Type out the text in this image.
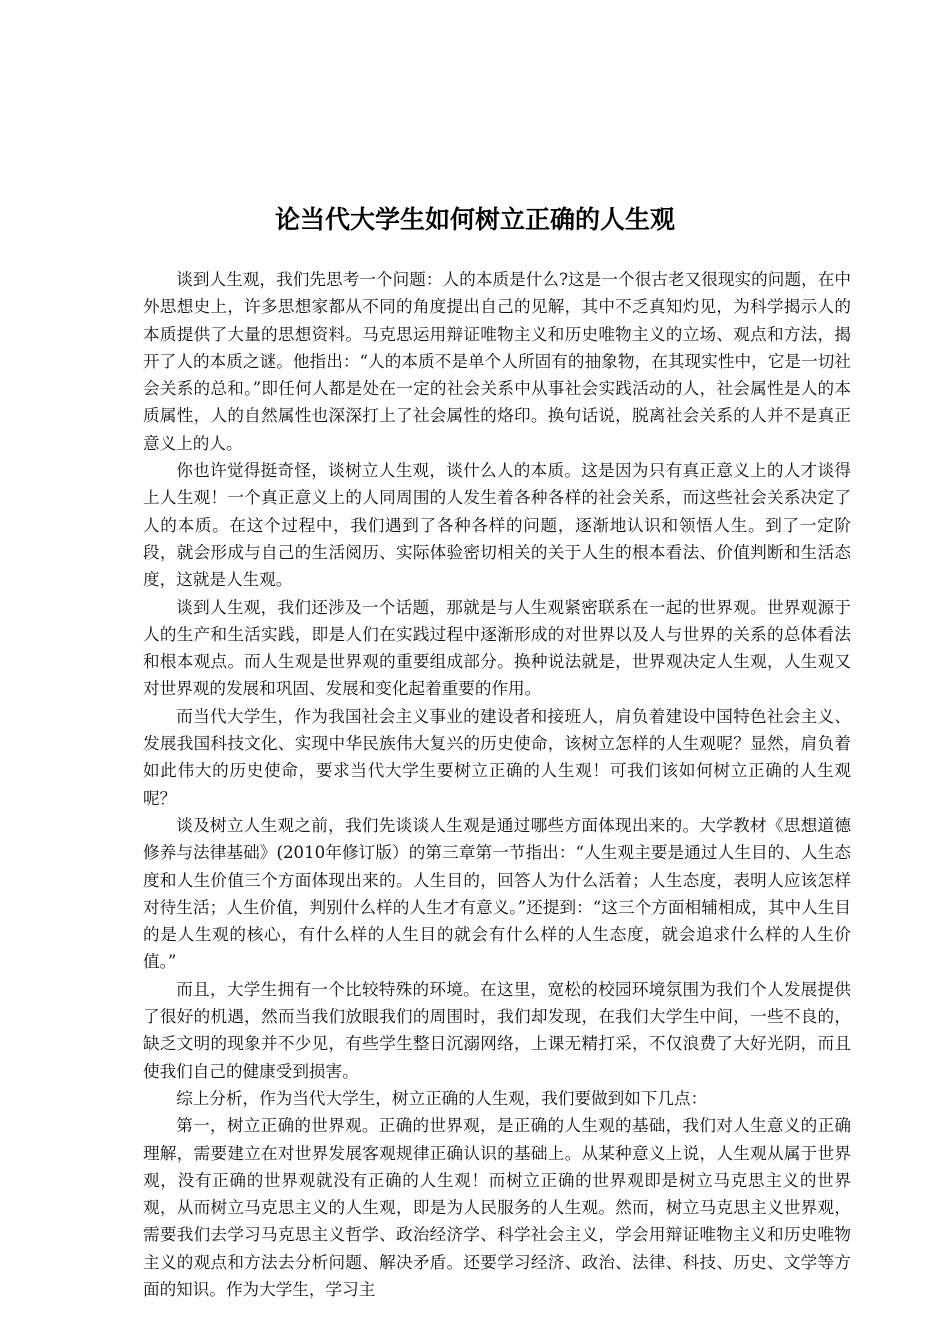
论当代大学生如何树立正确的人生观

谈到人生观，我们先思考一个问题：人的本质是什么?这是一个很古老又很现实的问题，在中外思想史上，许多思想家都从不同的角度提出自己的见解，其中不乏真知灼见，为科学揭示人的本质提供了大量的思想资料。马克思运用辩证唯物主义和历史唯物主义的立场、观点和方法，揭开了人的本质之谜。他指出：“人的本质不是单个人所固有的抽象物，在其现实性中，它是一切社会关系的总和。”即任何人都是处在一定的社会关系中从事社会实践活动的人，社会属性是人的本质属性，人的自然属性也深深打上了社会属性的烙印。换句话说，脱离社会关系的人并不是真正意义上的人。

你也许觉得挺奇怪，谈树立人生观，谈什么人的本质。这是因为只有真正意义上的人才谈得上人生观！一个真正意义上的人同周围的人发生着各种各样的社会关系，而这些社会关系决定了人的本质。在这个过程中，我们遇到了各种各样的问题，逐渐地认识和领悟人生。到了一定阶段，就会形成与自己的生活阅历、实际体验密切相关的关于人生的根本看法、价值判断和生活态度，这就是人生观。

谈到人生观，我们还涉及一个话题，那就是与人生观紧密联系在一起的世界观。世界观源于人的生产和生活实践，即是人们在实践过程中逐渐形成的对世界以及人与世界的关系的总体看法和根本观点。而人生观是世界观的重要组成部分。换种说法就是，世界观决定人生观，人生观又对世界观的发展和巩固、发展和变化起着重要的作用。

而当代大学生，作为我国社会主义事业的建设者和接班人，肩负着建设中国特色社会主义、发展我国科技文化、实现中华民族伟大复兴的历史使命，该树立怎样的人生观呢？显然，肩负着如此伟大的历史使命，要求当代大学生要树立正确的人生观！可我们该如何树立正确的人生观呢？

谈及树立人生观之前，我们先谈谈人生观是通过哪些方面体现出来的。大学教材《思想道德修养与法律基础》(2010年修订版）的第三章第一节指出：“人生观主要是通过人生目的、人生态度和人生价值三个方面体现出来的。人生目的，回答人为什么活着；人生态度，表明人应该怎样对待生活；人生价值，判别什么样的人生才有意义。”还提到：“这三个方面相辅相成，其中人生目的是人生观的核心，有什么样的人生目的就会有什么样的人生态度，就会追求什么样的人生价值。”

而且，大学生拥有一个比较特殊的环境。在这里，宽松的校园环境氛围为我们个人发展提供了很好的机遇，然而当我们放眼我们的周围时，我们却发现，在我们大学生中间，一些不良的，缺乏文明的现象并不少见，有些学生整日沉溺网络，上课无精打采，不仅浪费了大好光阴，而且使我们自己的健康受到损害。

综上分析，作为当代大学生，树立正确的人生观，我们要做到如下几点：

第一，树立正确的世界观。正确的世界观，是正确的人生观的基础，我们对人生意义的正确理解，需要建立在对世界发展客观规律正确认识的基础上。从某种意义上说，人生观从属于世界观，没有正确的世界观就没有正确的人生观！而树立正确的世界观即是树立马克思主义的世界观，从而树立马克思主义的人生观，即是为人民服务的人生观。然而，树立马克思主义世界观，需要我们去学习马克思主义哲学、政治经济学、科学社会主义，学会用辩证唯物主义和历史唯物主义的观点和方法去分析问题、解决矛盾。还要学习经济、政治、法律、科技、历史、文学等方面的知识。作为大学生，学习主
